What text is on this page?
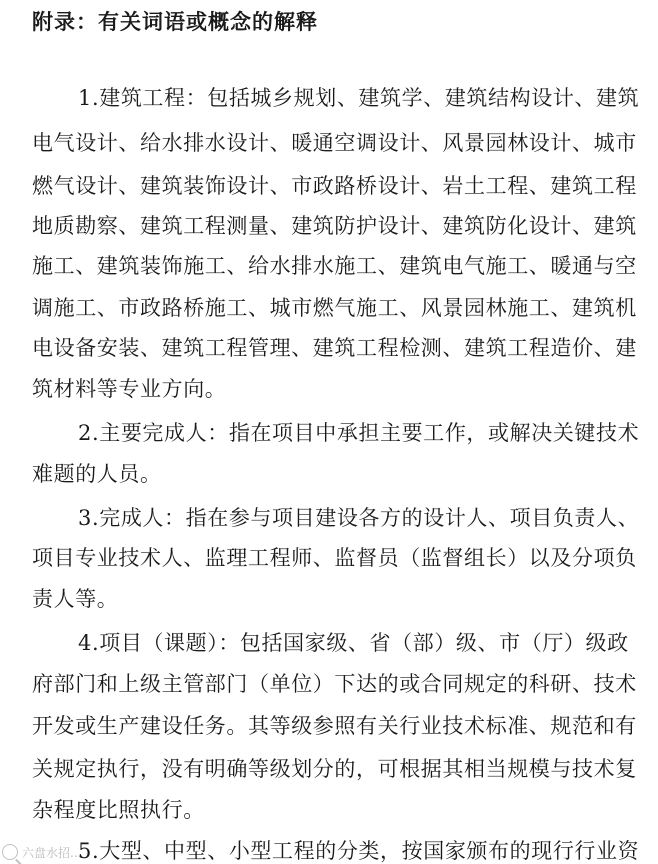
附录：有关词语或概念的解释
1.建筑工程：包括城乡规划、建筑学、建筑结构设计、建筑
电气设计、给水排水设计、暖通空调设计、风景园林设计、城市
燃气设计、建筑装饰设计、市政路桥设计、岩土工程、建筑工程
地质勘察、建筑工程测量、建筑防护设计、建筑防化设计、建筑
施工、建筑装饰施工、给水排水施工、建筑电气施工、暖通与空
调施工、市政路桥施工、城市燃气施工、风景园林施工、建筑机
电设备安装、建筑工程管理、建筑工程检测、建筑工程造价、建
筑材料等专业方向。
2.主要完成人：指在项目中承担主要工作，或解决关键技术
难题的人员。
3.完成人：指在参与项目建设各方的设计人、项目负责人、
项目专业技术人、监理工程师、监督员（监督组长）以及分项负
责人等。
4.项目（课题）：包括国家级、省（部）级、市（厅）级政
府部门和上级主管部门（单位）下达的或合同规定的科研、技术
开发或生产建设任务。其等级参照有关行业技术标准、规范和有
关规定执行，没有明确等级划分的，可根据其相当规模与技术复
杂程度比照执行。
5.大型、中型、小型工程的分类，按国家颁布的现行行业资
六盘水招...
